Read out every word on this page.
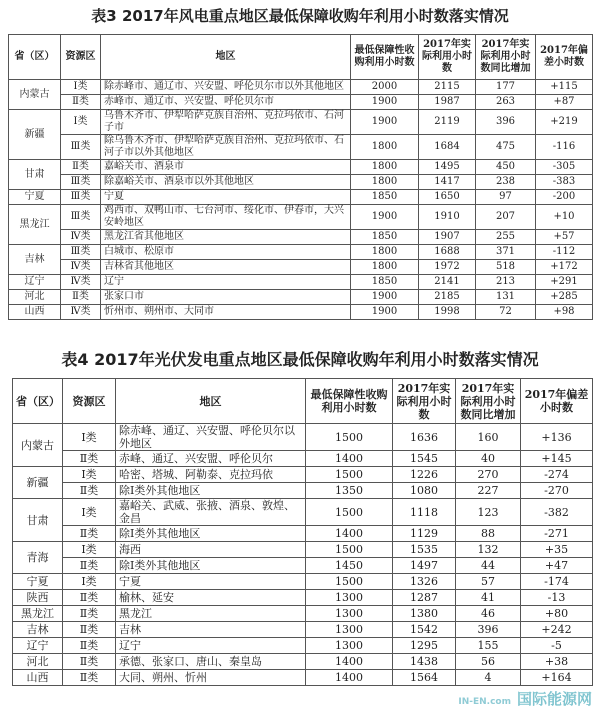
表3 2017年风电重点地区最低保障收购年利用小时数落实情况
省（区）	资源区	地区	最低保障性收购利用小时数	2017年实际利用小时数	2017年实际利用小时数同比增加	2017年偏差小时数
内蒙古	Ⅰ类	除赤峰市、通辽市、兴安盟、呼伦贝尔市以外其他地区	2000	2115	177	+115
	Ⅱ类	赤峰市、通辽市、兴安盟、呼伦贝尔市	1900	1987	263	+87
新疆	Ⅰ类	乌鲁木齐市、伊犁哈萨克族自治州、克拉玛依市、石河子市	1900	2119	396	+219
	Ⅲ类	除乌鲁木齐市、伊犁哈萨克族自治州、克拉玛依市、石河子市以外其他地区	1800	1684	475	-116
甘肃	Ⅱ类	嘉峪关市、酒泉市	1800	1495	450	-305
	Ⅲ类	除嘉峪关市、酒泉市以外其他地区	1800	1417	238	-383
宁夏	Ⅲ类	宁夏	1850	1650	97	-200
黑龙江	Ⅲ类	鸡西市、双鸭山市、七台河市、绥化市、伊春市，大兴安岭地区	1900	1910	207	+10
	Ⅳ类	黑龙江省其他地区	1850	1907	255	+57
吉林	Ⅲ类	白城市、松原市	1800	1688	371	-112
	Ⅳ类	吉林省其他地区	1800	1972	518	+172
辽宁	Ⅳ类	辽宁	1850	2141	213	+291
河北	Ⅱ类	张家口市	1900	2185	131	+285
山西	Ⅳ类	忻州市、朔州市、大同市	1900	1998	72	+98
表4 2017年光伏发电重点地区最低保障收购年利用小时数落实情况
省（区）	资源区	地区	最低保障性收购利用小时数	2017年实际利用小时数	2017年实际利用小时数同比增加	2017年偏差小时数
内蒙古	Ⅰ类	除赤峰、通辽、兴安盟、呼伦贝尔以外地区	1500	1636	160	+136
	Ⅱ类	赤峰、通辽、兴安盟、呼伦贝尔	1400	1545	40	+145
新疆	Ⅰ类	哈密、塔城、阿勒泰、克拉玛依	1500	1226	270	-274
	Ⅱ类	除Ⅰ类外其他地区	1350	1080	227	-270
甘肃	Ⅰ类	嘉峪关、武威、张掖、酒泉、敦煌、金昌	1500	1118	123	-382
	Ⅱ类	除Ⅰ类外其他地区	1400	1129	88	-271
青海	Ⅰ类	海西	1500	1535	132	+35
	Ⅱ类	除Ⅰ类外其他地区	1450	1497	44	+47
宁夏	Ⅰ类	宁夏	1500	1326	57	-174
陕西	Ⅱ类	榆林、延安	1300	1287	41	-13
黑龙江	Ⅱ类	黑龙江	1300	1380	46	+80
吉林	Ⅱ类	吉林	1300	1542	396	+242
辽宁	Ⅱ类	辽宁	1300	1295	155	-5
河北	Ⅱ类	承德、张家口、唐山、秦皇岛	1400	1438	56	+38
山西	Ⅱ类	大同、朔州、忻州	1400	1564	4	+164
IN-EN.com 国际能源网
